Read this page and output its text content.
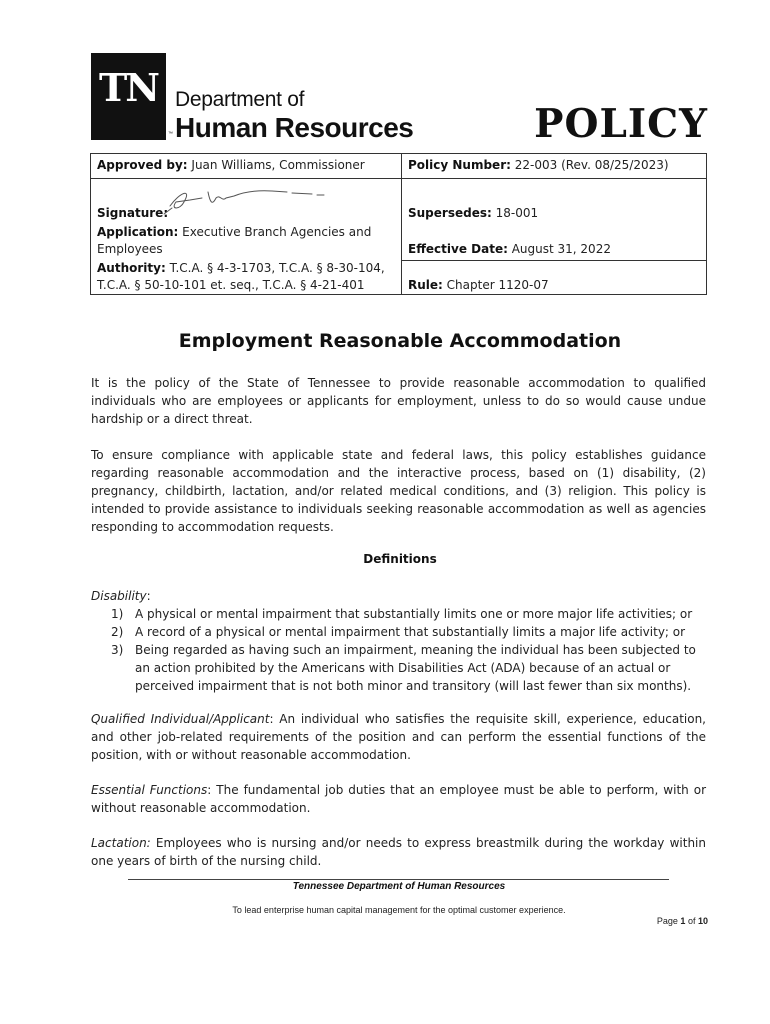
TN
™
Department of
Human Resources	POLICY
Approved by: Juan Williams, Commissioner	Policy Number: 22-003 (Rev. 08/25/2023)
Signature:	Supersedes: 18-001
Application: Executive Branch Agencies and Employees	Effective Date: August 31, 2022
Authority: T.C.A. § 4-3-1703, T.C.A. § 8-30-104, T.C.A. § 50-10-101 et. seq., T.C.A. § 4-21-401	Rule: Chapter 1120-07
Employment Reasonable Accommodation
It is the policy of the State of Tennessee to provide reasonable accommodation to qualified individuals who are employees or applicants for employment, unless to do so would cause undue hardship or a direct threat.
To ensure compliance with applicable state and federal laws, this policy establishes guidance regarding reasonable accommodation and the interactive process, based on (1) disability, (2) pregnancy, childbirth, lactation, and/or related medical conditions, and (3) religion. This policy is intended to provide assistance to individuals seeking reasonable accommodation as well as agencies responding to accommodation requests.
Definitions
Disability:
1) A physical or mental impairment that substantially limits one or more major life activities; or
2) A record of a physical or mental impairment that substantially limits a major life activity; or
3) Being regarded as having such an impairment, meaning the individual has been subjected to an action prohibited by the Americans with Disabilities Act (ADA) because of an actual or perceived impairment that is not both minor and transitory (will last fewer than six months).
Qualified Individual/Applicant: An individual who satisfies the requisite skill, experience, education, and other job-related requirements of the position and can perform the essential functions of the position, with or without reasonable accommodation.
Essential Functions: The fundamental job duties that an employee must be able to perform, with or without reasonable accommodation.
Lactation: Employees who is nursing and/or needs to express breastmilk during the workday within one years of birth of the nursing child.
Tennessee Department of Human Resources
To lead enterprise human capital management for the optimal customer experience.
Page 1 of 10
